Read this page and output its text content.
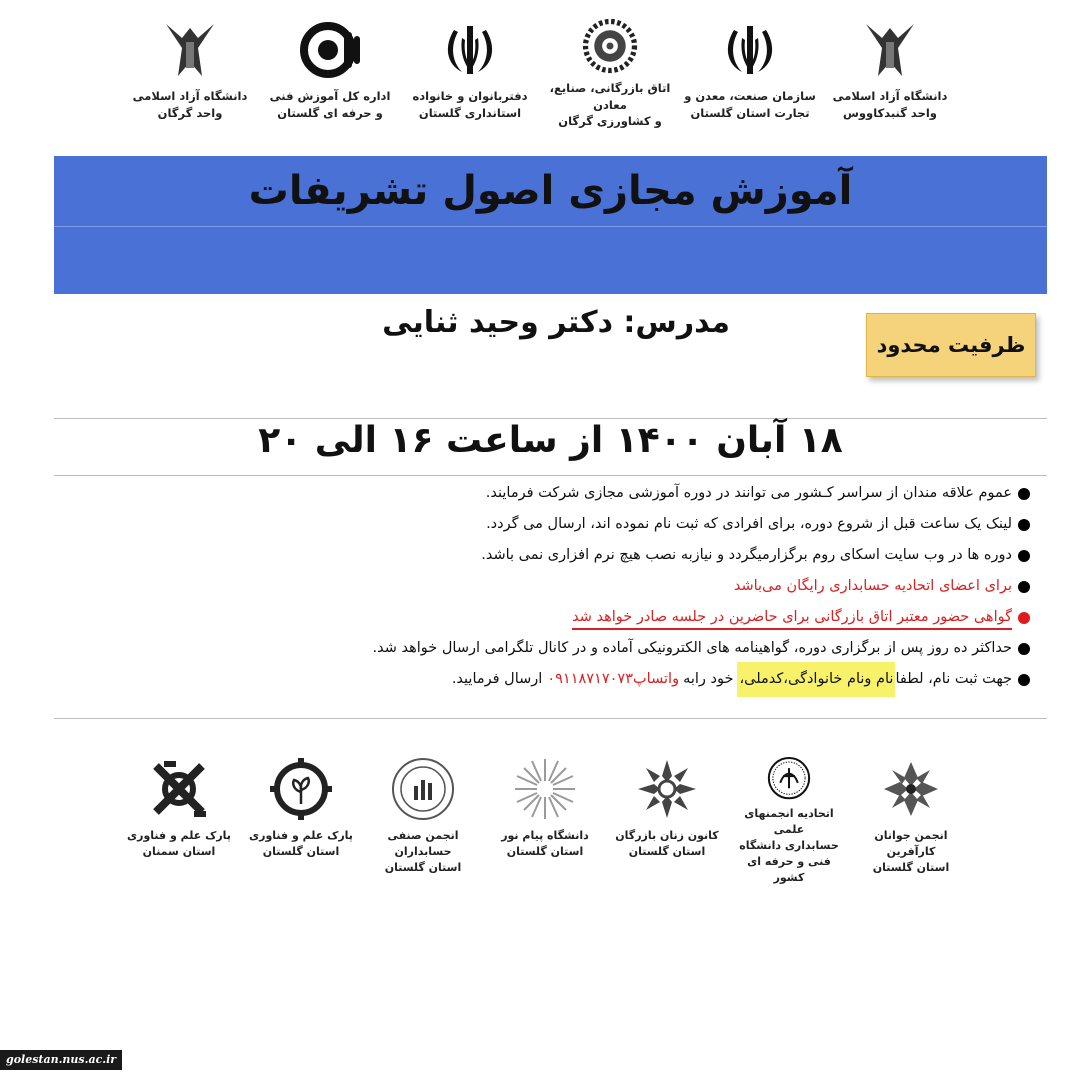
دانشگاه آزاد اسلامی
واحد گنبدکاووس
سازمان صنعت، معدن و
تجارت استان گلستان
اتاق بازرگانی، صنایع، معادن
و کشاورزی گرگان
دفتربانوان و خانواده
استانداری گلستان
اداره کل آموزش فنی
و حرفه ای گلستان
دانشگاه آزاد اسلامی
واحد گرگان
آموزش مجازی اصول تشریفات
مدرس: دکتر وحید ثنایی
ظرفیت محدود
۱۸ آبان ۱۴۰۰ از ساعت ۱۶ الی ۲۰
عموم علاقه مندان از سراسر کـشور می توانند در دوره آموزشی مجازی شرکت فرمایند.
لینک یک ساعت قبل از شروع دوره، برای افرادی که ثبت نام نموده اند، ارسال می گردد.
دوره ها در وب سایت اسکای روم برگزارمیگردد و نیازبه نصب هیچ نرم افزاری نمی باشد.
برای اعضای اتحادیه حسابداری رایگان می‌باشد
گواهی حضور معتبر اتاق بازرگانی برای حاضرین در جلسه صادر خواهد شد
حداکثر ده روز پس از برگزاری دوره، گواهینامه های الکترونیکی آماده و در کانال تلگرامی ارسال خواهد شد.
جهت ثبت نام، لطفا
نام ونام خانوادگی،کدملی،
خود رابه
واتساپ۰۹۱۱۸۷۱۷۰۷۳
ارسال فرمایید.
انجمن جوانان کارآفرین
استان گلستان
اتحادیه انجمنهای علمی
حسابداری دانشگاه
فنی و حرفه ای کشور
کانون زنان بازرگان
استان گلستان
دانشگاه پیام نور
استان گلستان
انجمن صنفی حسابداران
استان گلستان
پارک علم و فناوری
استان گلستان
پارک علم و فناوری
استان سمنان
golestan.nus.ac.ir
